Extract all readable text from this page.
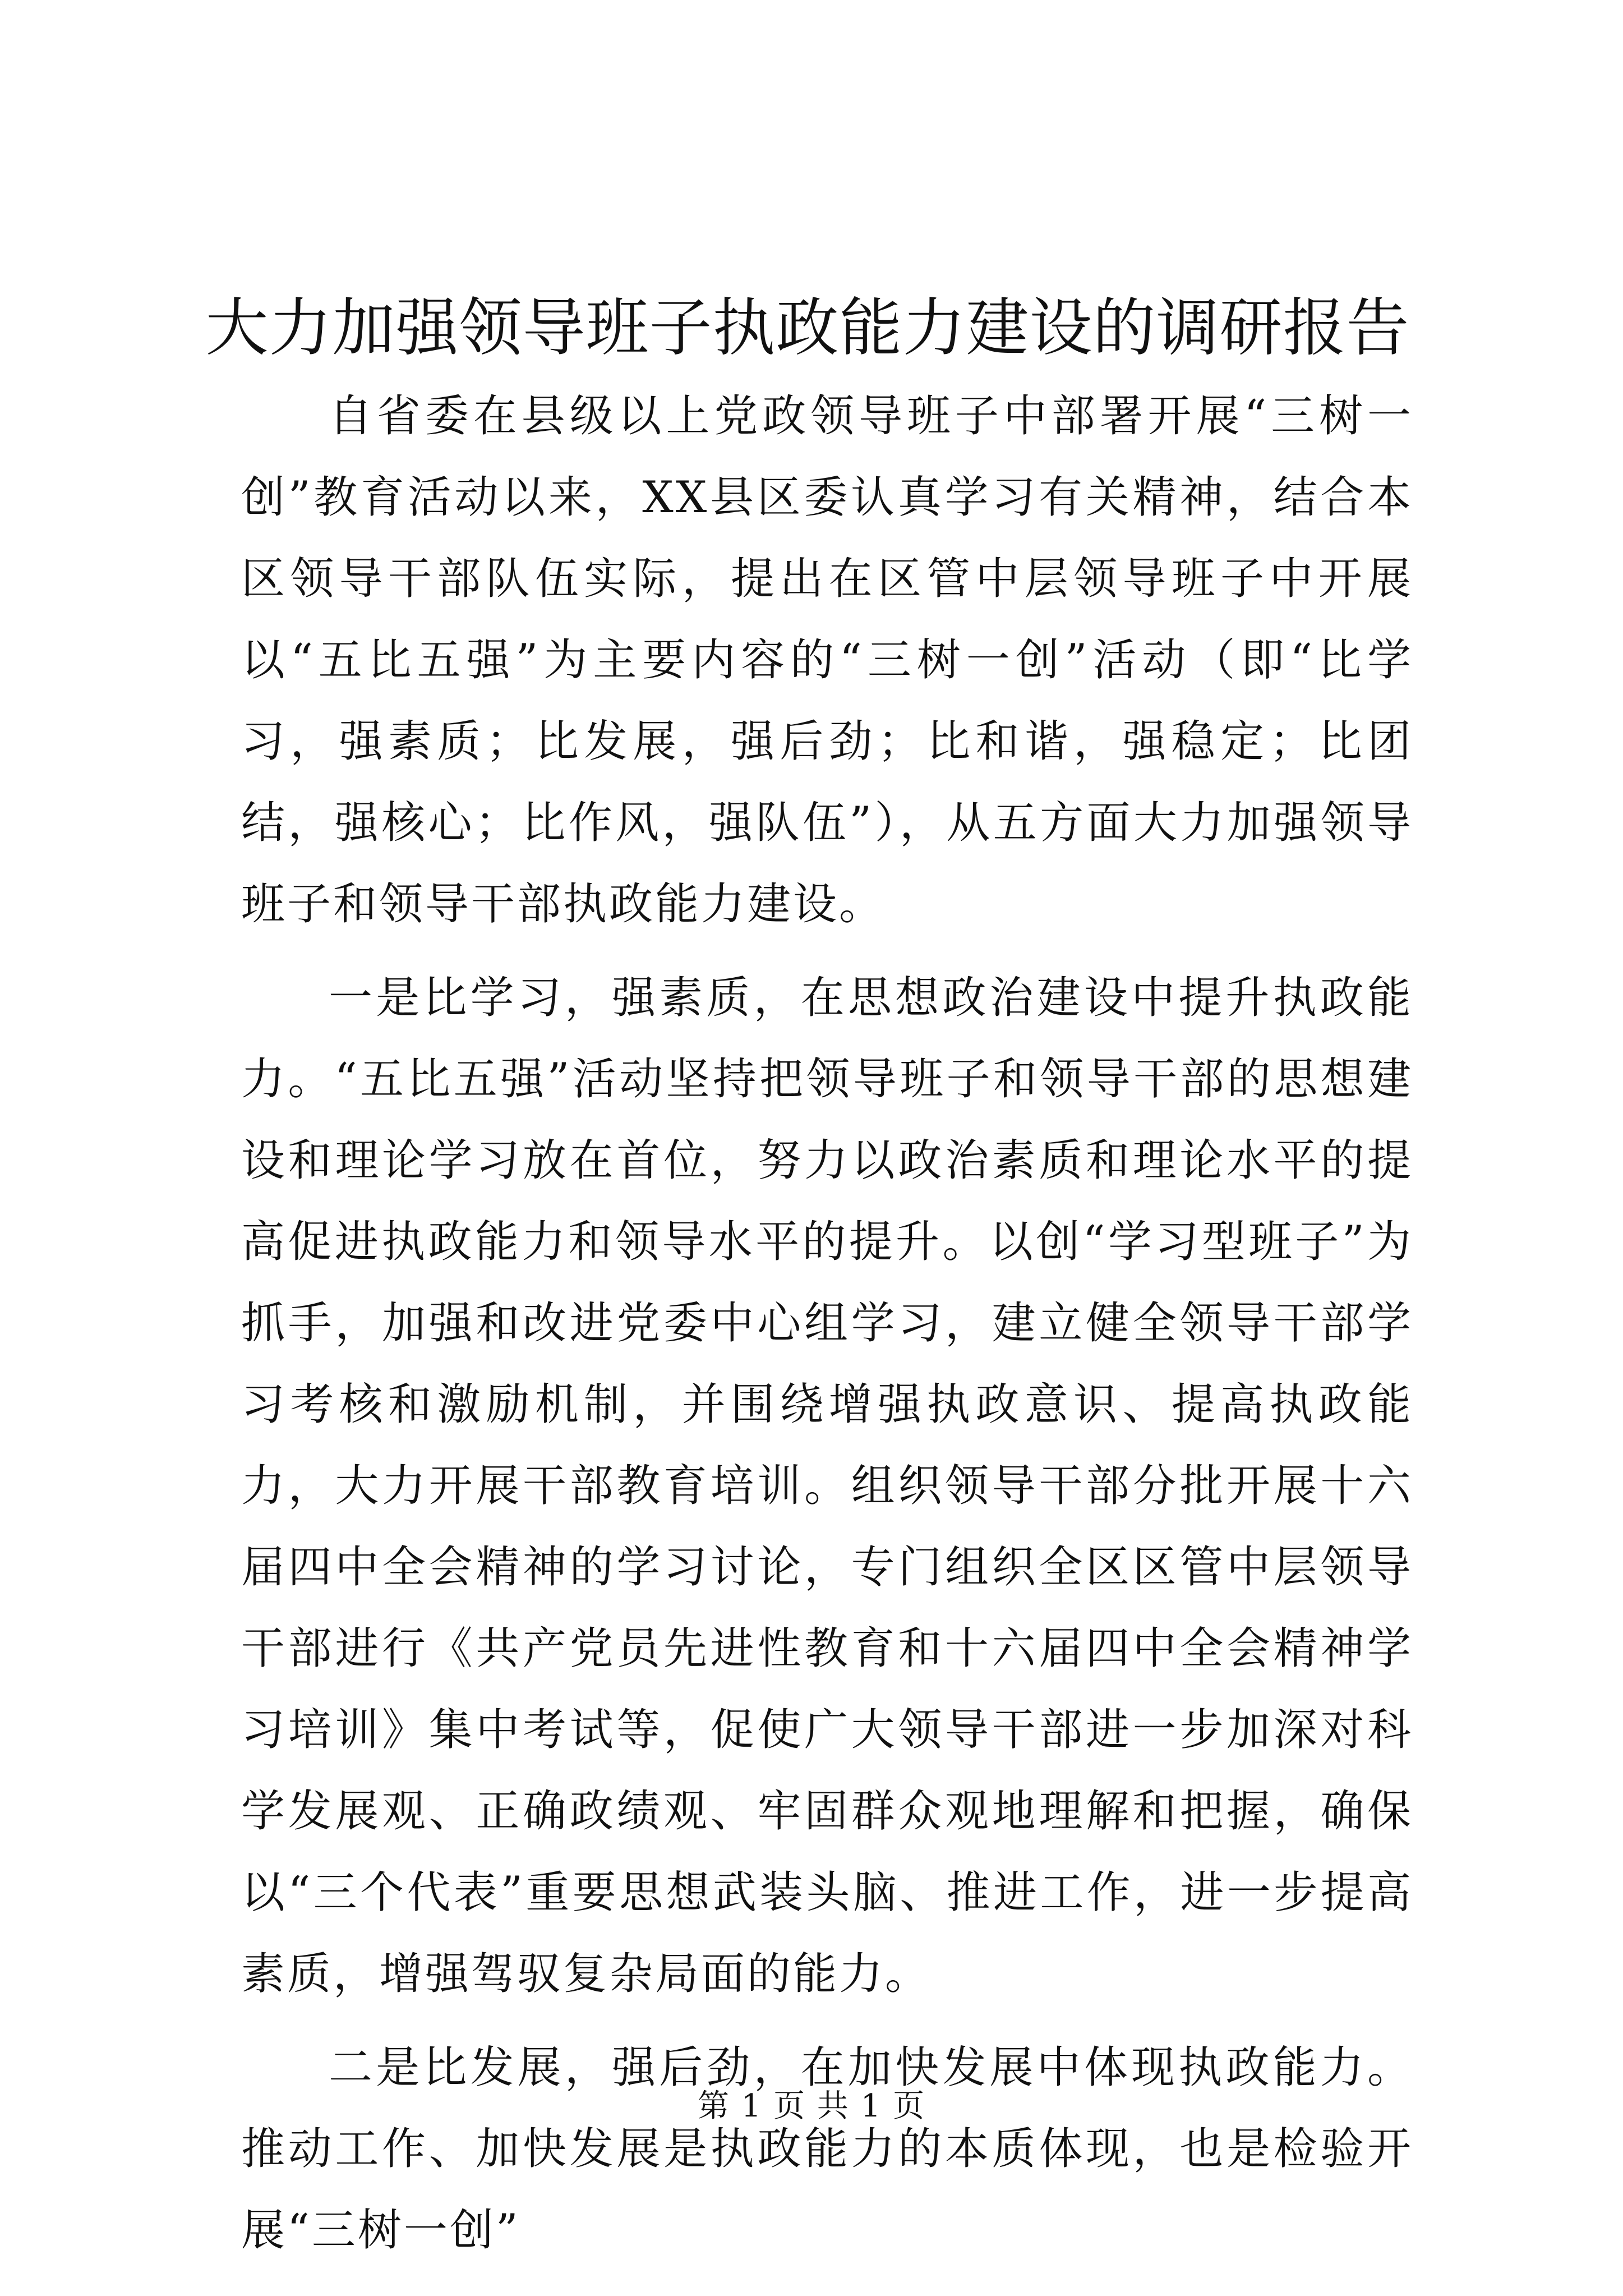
大力加强领导班子执政能力建设的调研报告

自省委在县级以上党政领导班子中部署开展“三树一创”教育活动以来，XX县区委认真学习有关精神，结合本区领导干部队伍实际，提出在区管中层领导班子中开展以“五比五强”为主要内容的“三树一创”活动（即“比学习，强素质；比发展，强后劲；比和谐，强稳定；比团结，强核心；比作风，强队伍”），从五方面大力加强领导班子和领导干部执政能力建设。

一是比学习，强素质，在思想政治建设中提升执政能力。“五比五强”活动坚持把领导班子和领导干部的思想建设和理论学习放在首位，努力以政治素质和理论水平的提高促进执政能力和领导水平的提升。以创“学习型班子”为抓手，加强和改进党委中心组学习，建立健全领导干部学习考核和激励机制，并围绕增强执政意识、提高执政能力，大力开展干部教育培训。组织领导干部分批开展十六届四中全会精神的学习讨论，专门组织全区区管中层领导干部进行《共产党员先进性教育和十六届四中全会精神学习培训》集中考试等，促使广大领导干部进一步加深对科学发展观、正确政绩观、牢固群众观地理解和把握，确保以“三个代表”重要思想武装头脑、推进工作，进一步提高素质，增强驾驭复杂局面的能力。

二是比发展，强后劲，在加快发展中体现执政能力。推动工作、加快发展是执政能力的本质体现，也是检验开展“三树一创”

第 1 页 共 1 页
